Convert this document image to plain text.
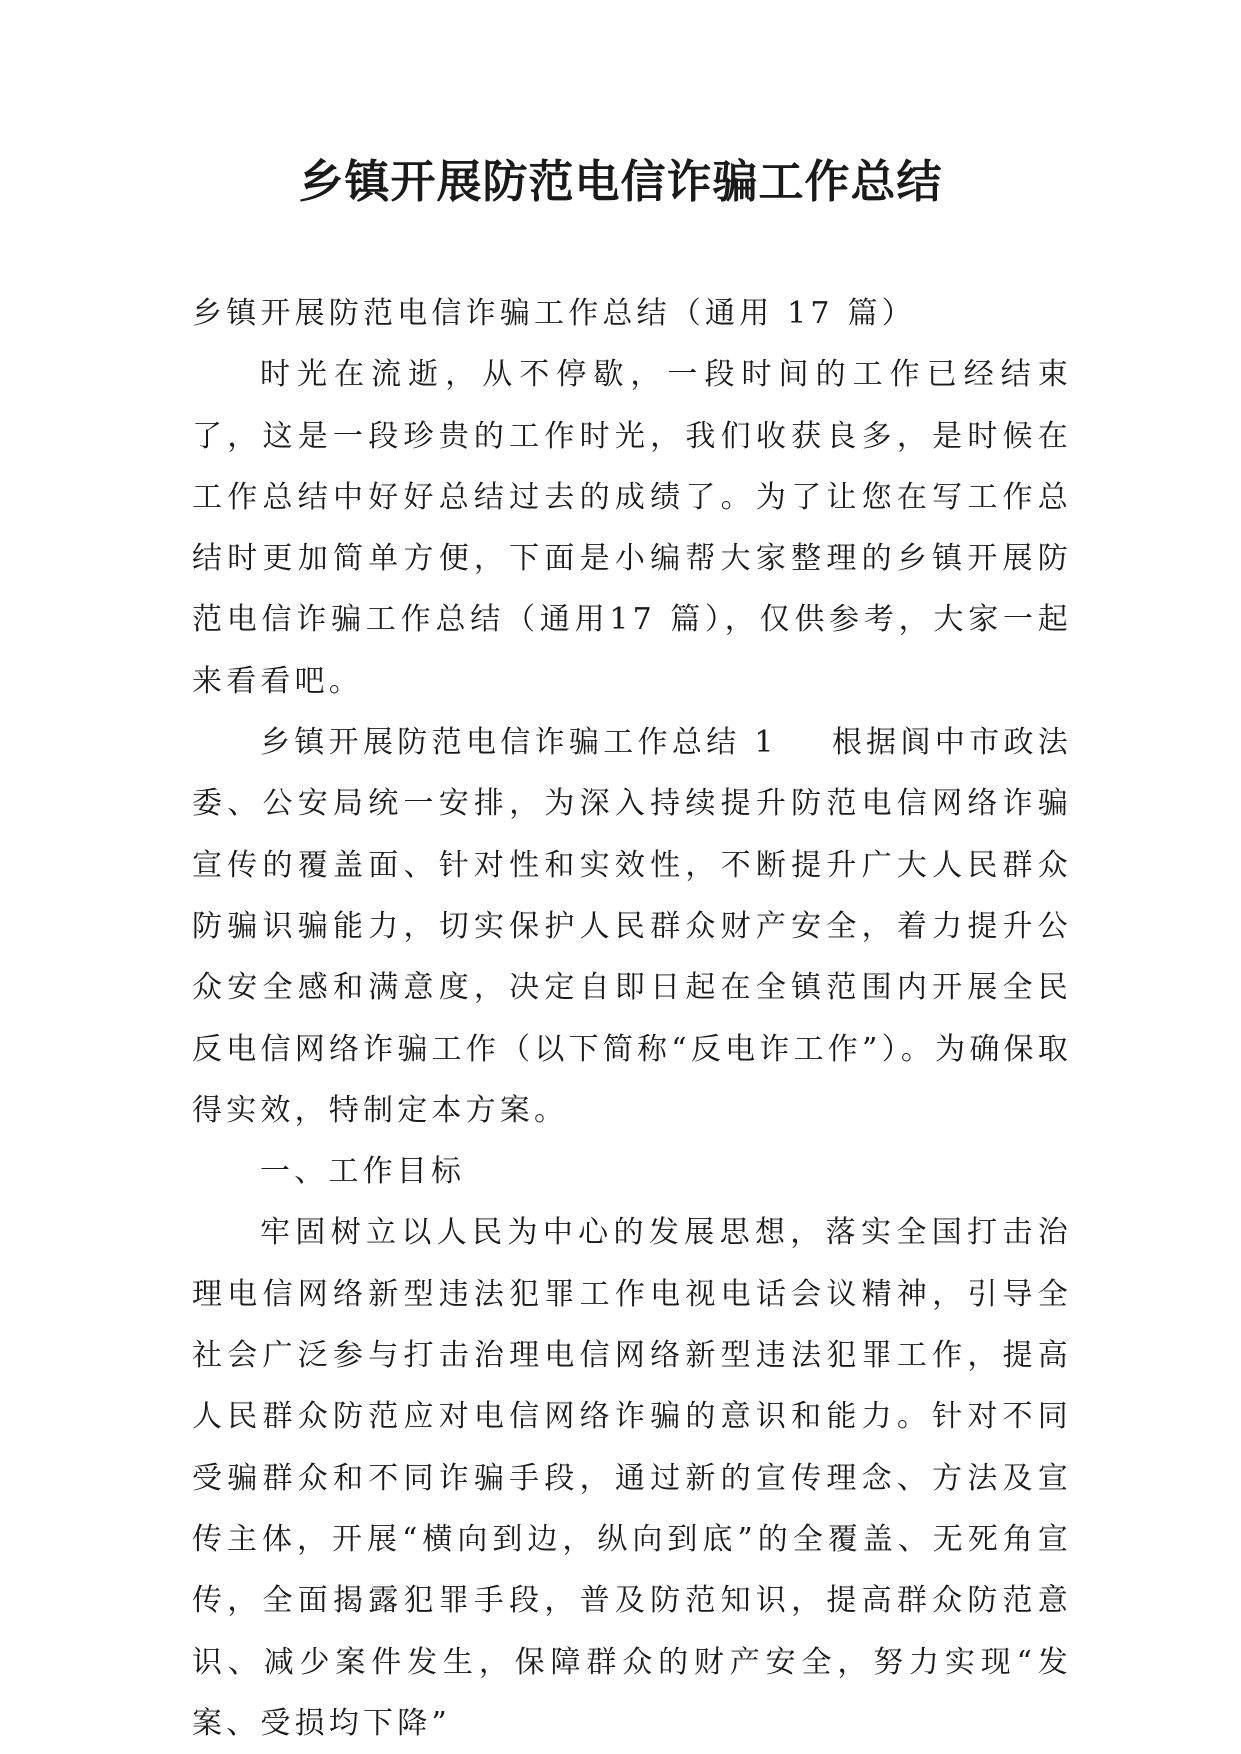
乡镇开展防范电信诈骗工作总结

乡镇开展防范电信诈骗工作总结（通用 17 篇）

时光在流逝，从不停歇，一段时间的工作已经结束了，这是一段珍贵的工作时光，我们收获良多，是时候在工作总结中好好总结过去的成绩了。为了让您在写工作总结时更加简单方便，下面是小编帮大家整理的乡镇开展防范电信诈骗工作总结（通用17 篇），仅供参考，大家一起来看看吧。

乡镇开展防范电信诈骗工作总结 1 根据阆中市政法委、公安局统一安排，为深入持续提升防范电信网络诈骗宣传的覆盖面、针对性和实效性，不断提升广大人民群众防骗识骗能力，切实保护人民群众财产安全，着力提升公众安全感和满意度，决定自即日起在全镇范围内开展全民反电信网络诈骗工作（以下简称“反电诈工作”）。为确保取得实效，特制定本方案。

一、工作目标

牢固树立以人民为中心的发展思想，落实全国打击治理电信网络新型违法犯罪工作电视电话会议精神，引导全社会广泛参与打击治理电信网络新型违法犯罪工作，提高人民群众防范应对电信网络诈骗的意识和能力。针对不同受骗群众和不同诈骗手段，通过新的宣传理念、方法及宣传主体，开展“横向到边，纵向到底”的全覆盖、无死角宣传，全面揭露犯罪手段，普及防范知识，提高群众防范意识、减少案件发生，保障群众的财产安全，努力实现“发案、受损均下降”
